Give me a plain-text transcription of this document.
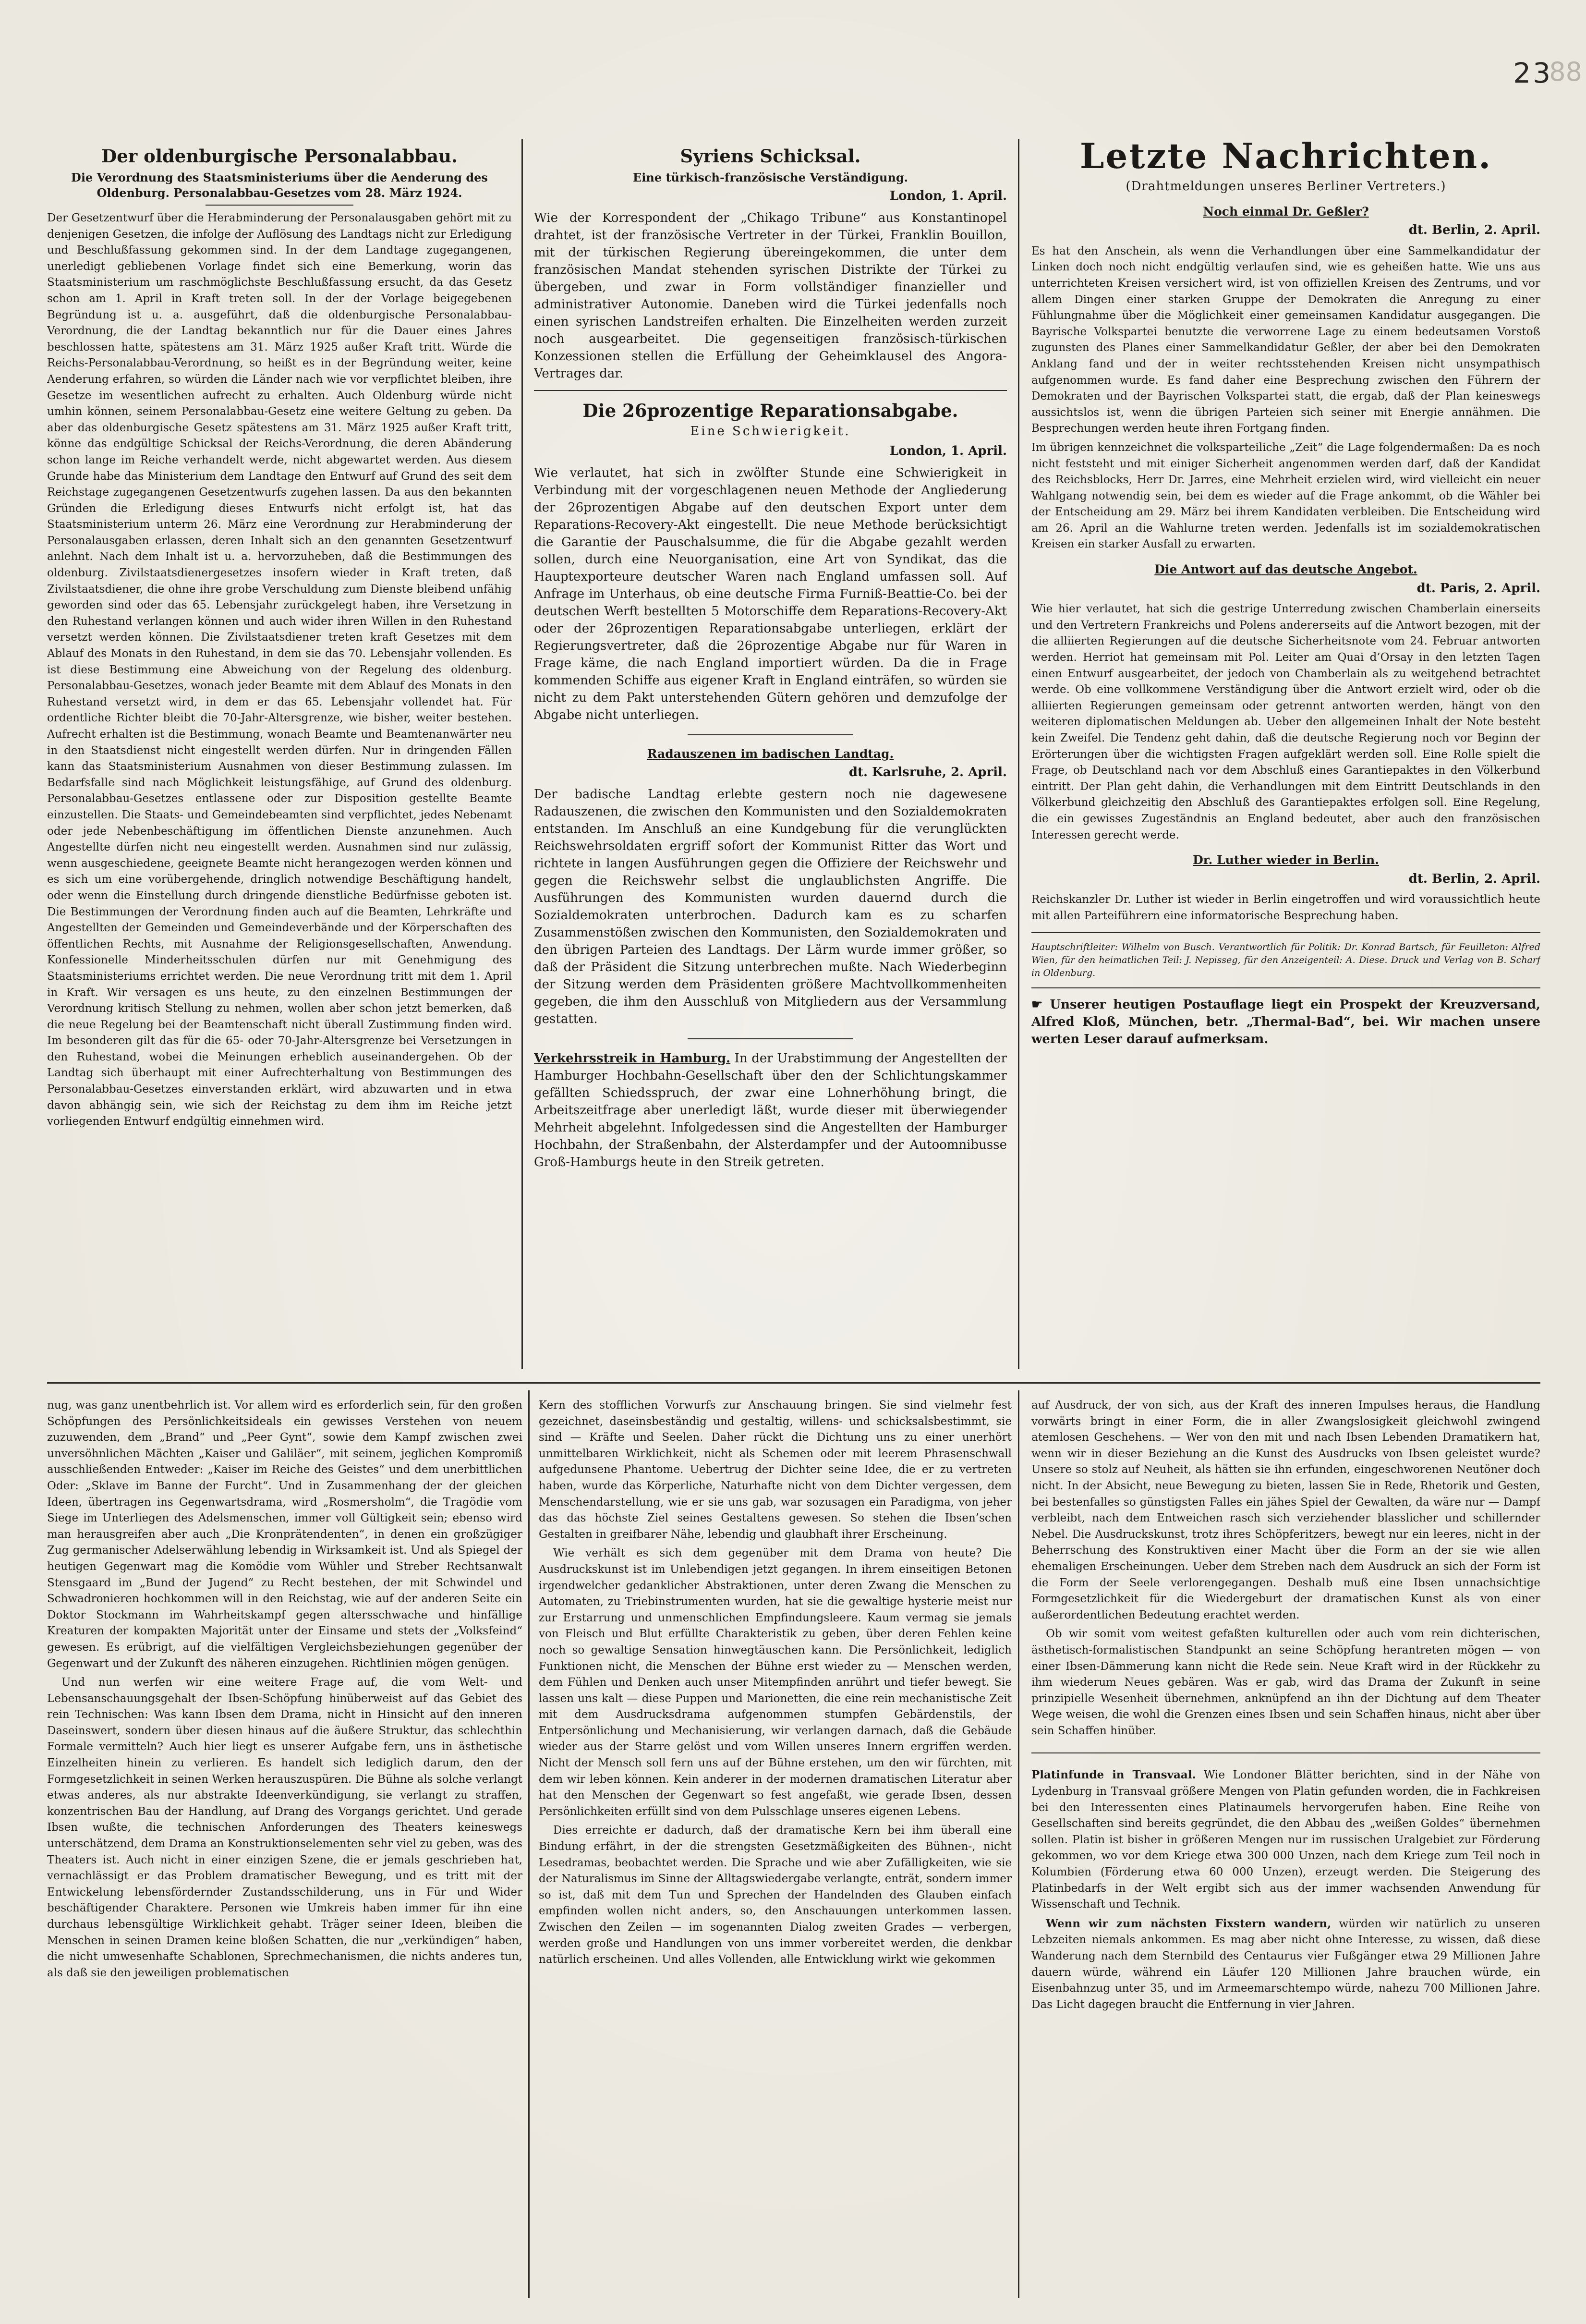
23
88
Der oldenburgische Personalabbau.
Die Verordnung des Staatsministeriums über die Aenderung des Oldenburg. Personalabbau-Gesetzes vom 28. März 1924.

Der Gesetzentwurf über die Herabminderung der Personalausgaben gehört mit zu denjenigen Gesetzen, die infolge der Auflösung des Landtags nicht zur Erledigung und Beschlußfassung gekommen sind. In der dem Landtage zugegangenen, unerledigt gebliebenen Vorlage findet sich eine Bemerkung, worin das Staatsministerium um raschmöglichste Beschlußfassung ersucht, da das Gesetz schon am 1. April in Kraft treten soll. In der der Vorlage beigegebenen Begründung ist u. a. ausgeführt, daß die oldenburgische Personalabbau-Verordnung, die der Landtag bekanntlich nur für die Dauer eines Jahres beschlossen hatte, spätestens am 31. März 1925 außer Kraft tritt. Würde die Reichs-Personalabbau-Verordnung, so heißt es in der Begründung weiter, keine Aenderung erfahren, so würden die Länder nach wie vor verpflichtet bleiben, ihre Gesetze im wesentlichen aufrecht zu erhalten. Auch Oldenburg würde nicht umhin können, seinem Personalabbau-Gesetz eine weitere Geltung zu geben. Da aber das oldenburgische Gesetz spätestens am 31. März 1925 außer Kraft tritt, könne das endgültige Schicksal der Reichs-Verordnung, die deren Abänderung schon lange im Reiche verhandelt werde, nicht abgewartet werden. Aus diesem Grunde habe das Ministerium dem Landtage den Entwurf auf Grund des seit dem Reichstage zugegangenen Gesetzentwurfs zugehen lassen. Da aus den bekannten Gründen die Erledigung dieses Entwurfs nicht erfolgt ist, hat das Staatsministerium unterm 26. März eine Verordnung zur Herabminderung der Personalausgaben erlassen, deren Inhalt sich an den genannten Gesetzentwurf anlehnt. Nach dem Inhalt ist u. a. hervorzuheben, daß die Bestimmungen des oldenburg. Zivilstaatsdienergesetzes insofern wieder in Kraft treten, daß Zivilstaatsdiener, die ohne ihre grobe Verschuldung zum Dienste bleibend unfähig geworden sind oder das 65. Lebensjahr zurückgelegt haben, ihre Versetzung in den Ruhestand verlangen können und auch wider ihren Willen in den Ruhestand versetzt werden können. Die Zivilstaatsdiener treten kraft Gesetzes mit dem Ablauf des Monats in den Ruhestand, in dem sie das 70. Lebensjahr vollenden. Es ist diese Bestimmung eine Abweichung von der Regelung des oldenburg. Personalabbau-Gesetzes, wonach jeder Beamte mit dem Ablauf des Monats in den Ruhestand versetzt wird, in dem er das 65. Lebensjahr vollendet hat. Für ordentliche Richter bleibt die 70-Jahr-Altersgrenze, wie bisher, weiter bestehen. Aufrecht erhalten ist die Bestimmung, wonach Beamte und Beamtenanwärter neu in den Staatsdienst nicht eingestellt werden dürfen. Nur in dringenden Fällen kann das Staatsministerium Ausnahmen von dieser Bestimmung zulassen. Im Bedarfsfalle sind nach Möglichkeit leistungsfähige, auf Grund des oldenburg. Personalabbau-Gesetzes entlassene oder zur Disposition gestellte Beamte einzustellen. Die Staats- und Gemeindebeamten sind verpflichtet, jedes Nebenamt oder jede Nebenbeschäftigung im öffentlichen Dienste anzunehmen. Auch Angestellte dürfen nicht neu eingestellt werden. Ausnahmen sind nur zulässig, wenn ausgeschiedene, geeignete Beamte nicht herangezogen werden können und es sich um eine vorübergehende, dringlich notwendige Beschäftigung handelt, oder wenn die Einstellung durch dringende dienstliche Bedürfnisse geboten ist. Die Bestimmungen der Verordnung finden auch auf die Beamten, Lehrkräfte und Angestellten der Gemeinden und Gemeindeverbände und der Körperschaften des öffentlichen Rechts, mit Ausnahme der Religionsgesellschaften, Anwendung. Konfessionelle Minderheitsschulen dürfen nur mit Genehmigung des Staatsministeriums errichtet werden. Die neue Verordnung tritt mit dem 1. April in Kraft. Wir versagen es uns heute, zu den einzelnen Bestimmungen der Verordnung kritisch Stellung zu nehmen, wollen aber schon jetzt bemerken, daß die neue Regelung bei der Beamtenschaft nicht überall Zustimmung finden wird. Im besonderen gilt das für die 65- oder 70-Jahr-Altersgrenze bei Versetzungen in den Ruhestand, wobei die Meinungen erheblich auseinandergehen. Ob der Landtag sich überhaupt mit einer Aufrechterhaltung von Bestimmungen des Personalabbau-Gesetzes einverstanden erklärt, wird abzuwarten und in etwa davon abhängig sein, wie sich der Reichstag zu dem ihm im Reiche jetzt vorliegenden Entwurf endgültig einnehmen wird.

Syriens Schicksal.
Eine türkisch-französische Verständigung.
London, 1. April.

Wie der Korrespondent der „Chikago Tribune“ aus Konstantinopel drahtet, ist der französische Vertreter in der Türkei, Franklin Bouillon, mit der türkischen Regierung übereingekommen, die unter dem französischen Mandat stehenden syrischen Distrikte der Türkei zu übergeben, und zwar in Form vollständiger finanzieller und administrativer Autonomie. Daneben wird die Türkei jedenfalls noch einen syrischen Landstreifen erhalten. Die Einzelheiten werden zurzeit noch ausgearbeitet. Die gegenseitigen französisch-türkischen Konzessionen stellen die Erfüllung der Geheimklausel des Angora-Vertrages dar.

Die 26prozentige Reparationsabgabe.
Eine Schwierigkeit.
London, 1. April.

Wie verlautet, hat sich in zwölfter Stunde eine Schwierigkeit in Verbindung mit der vorgeschlagenen neuen Methode der Angliederung der 26prozentigen Abgabe auf den deutschen Export unter dem Reparations-Recovery-Akt eingestellt. Die neue Methode berücksichtigt die Garantie der Pauschalsumme, die für die Abgabe gezahlt werden sollen, durch eine Neuorganisation, eine Art von Syndikat, das die Hauptexporteure deutscher Waren nach England umfassen soll. Auf Anfrage im Unterhaus, ob eine deutsche Firma Furniß-Beattie-Co. bei der deutschen Werft bestellten 5 Motorschiffe dem Reparations-Recovery-Akt oder der 26prozentigen Reparationsabgabe unterliegen, erklärt der Regierungsvertreter, daß die 26prozentige Abgabe nur für Waren in Frage käme, die nach England importiert würden. Da die in Frage kommenden Schiffe aus eigener Kraft in England einträfen, so würden sie nicht zu dem Pakt unterstehenden Gütern gehören und demzufolge der Abgabe nicht unterliegen.

Radauszenen im badischen Landtag.
dt. Karlsruhe, 2. April.

Der badische Landtag erlebte gestern noch nie dagewesene Radauszenen, die zwischen den Kommunisten und den Sozialdemokraten entstanden. Im Anschluß an eine Kundgebung für die verunglückten Reichswehrsoldaten ergriff sofort der Kommunist Ritter das Wort und richtete in langen Ausführungen gegen die Offiziere der Reichswehr und gegen die Reichswehr selbst die unglaublichsten Angriffe. Die Ausführungen des Kommunisten wurden dauernd durch die Sozialdemokraten unterbrochen. Dadurch kam es zu scharfen Zusammenstößen zwischen den Kommunisten, den Sozialdemokraten und den übrigen Parteien des Landtags. Der Lärm wurde immer größer, so daß der Präsident die Sitzung unterbrechen mußte. Nach Wiederbeginn der Sitzung werden dem Präsidenten größere Machtvollkommenheiten gegeben, die ihm den Ausschluß von Mitgliedern aus der Versammlung gestatten.

Verkehrsstreik in Hamburg. In der Urabstimmung der Angestellten der Hamburger Hochbahn-Gesellschaft über den der Schlichtungskammer gefällten Schiedsspruch, der zwar eine Lohnerhöhung bringt, die Arbeitszeitfrage aber unerledigt läßt, wurde dieser mit überwiegender Mehrheit abgelehnt. Infolgedessen sind die Angestellten der Hamburger Hochbahn, der Straßenbahn, der Alsterdampfer und der Autoomnibusse Groß-Hamburgs heute in den Streik getreten.

Letzte Nachrichten.
(Drahtmeldungen unseres Berliner Vertreters.)
Noch einmal Dr. Geßler?
dt. Berlin, 2. April.

Es hat den Anschein, als wenn die Verhandlungen über eine Sammelkandidatur der Linken doch noch nicht endgültig verlaufen sind, wie es geheißen hatte. Wie uns aus unterrichteten Kreisen versichert wird, ist von offiziellen Kreisen des Zentrums, und vor allem Dingen einer starken Gruppe der Demokraten die Anregung zu einer Fühlungnahme über die Möglichkeit einer gemeinsamen Kandidatur ausgegangen. Die Bayrische Volkspartei benutzte die verworrene Lage zu einem bedeutsamen Vorstoß zugunsten des Planes einer Sammelkandidatur Geßler, der aber bei den Demokraten Anklang fand und der in weiter rechtsstehenden Kreisen nicht unsympathisch aufgenommen wurde. Es fand daher eine Besprechung zwischen den Führern der Demokraten und der Bayrischen Volkspartei statt, die ergab, daß der Plan keineswegs aussichtslos ist, wenn die übrigen Parteien sich seiner mit Energie annähmen. Die Besprechungen werden heute ihren Fortgang finden.

Im übrigen kennzeichnet die volksparteiliche „Zeit“ die Lage folgendermaßen: Da es noch nicht feststeht und mit einiger Sicherheit angenommen werden darf, daß der Kandidat des Reichsblocks, Herr Dr. Jarres, eine Mehrheit erzielen wird, wird vielleicht ein neuer Wahlgang notwendig sein, bei dem es wieder auf die Frage ankommt, ob die Wähler bei der Entscheidung am 29. März bei ihrem Kandidaten verbleiben. Die Entscheidung wird am 26. April an die Wahlurne treten werden. Jedenfalls ist im sozialdemokratischen Kreisen ein starker Ausfall zu erwarten.

Die Antwort auf das deutsche Angebot.
dt. Paris, 2. April.

Wie hier verlautet, hat sich die gestrige Unterredung zwischen Chamberlain einerseits und den Vertretern Frankreichs und Polens andererseits auf die Antwort bezogen, mit der die alliierten Regierungen auf die deutsche Sicherheitsnote vom 24. Februar antworten werden. Herriot hat gemeinsam mit Pol. Leiter am Quai d’Orsay in den letzten Tagen einen Entwurf ausgearbeitet, der jedoch von Chamberlain als zu weitgehend betrachtet werde. Ob eine vollkommene Verständigung über die Antwort erzielt wird, oder ob die alliierten Regierungen gemeinsam oder getrennt antworten werden, hängt von den weiteren diplomatischen Meldungen ab. Ueber den allgemeinen Inhalt der Note besteht kein Zweifel. Die Tendenz geht dahin, daß die deutsche Regierung noch vor Beginn der Erörterungen über die wichtigsten Fragen aufgeklärt werden soll. Eine Rolle spielt die Frage, ob Deutschland nach vor dem Abschluß eines Garantiepaktes in den Völkerbund eintritt. Der Plan geht dahin, die Verhandlungen mit dem Eintritt Deutschlands in den Völkerbund gleichzeitig den Abschluß des Garantiepaktes erfolgen soll. Eine Regelung, die ein gewisses Zugeständnis an England bedeutet, aber auch den französischen Interessen gerecht werde.

Dr. Luther wieder in Berlin.
dt. Berlin, 2. April.

Reichskanzler Dr. Luther ist wieder in Berlin eingetroffen und wird voraussichtlich heute mit allen Parteiführern eine informatorische Besprechung haben.

Hauptschriftleiter: Wilhelm von Busch. Verantwortlich für Politik: Dr. Konrad Bartsch, für Feuilleton: Alfred Wien, für den heimatlichen Teil: J. Nepisseg, für den Anzeigenteil: A. Diese. Druck und Verlag von B. Scharf in Oldenburg.

☛ Unserer heutigen Postauflage liegt ein Prospekt der Kreuzversand, Alfred Kloß, München, betr. „Thermal-Bad“, bei. Wir machen unsere werten Leser darauf aufmerksam.

nug, was ganz unentbehrlich ist. Vor allem wird es erforderlich sein, für den großen Schöpfungen des Persönlichkeitsideals ein gewisses Verstehen von neuem zuzuwenden, dem „Brand“ und „Peer Gynt“, sowie dem Kampf zwischen zwei unversöhnlichen Mächten „Kaiser und Galiläer“, mit seinem, jeglichen Kompromiß ausschließenden Entweder: „Kaiser im Reiche des Geistes“ und dem unerbittlichen Oder: „Sklave im Banne der Furcht“. Und in Zusammenhang der der gleichen Ideen, übertragen ins Gegenwartsdrama, wird „Rosmersholm“, die Tragödie vom Siege im Unterliegen des Adelsmenschen, immer voll Gültigkeit sein; ebenso wird man herausgreifen aber auch „Die Kronprätendenten“, in denen ein großzügiger Zug germanischer Adelserwählung lebendig in Wirksamkeit ist. Und als Spiegel der heutigen Gegenwart mag die Komödie vom Wühler und Streber Rechtsanwalt Stensgaard im „Bund der Jugend“ zu Recht bestehen, der mit Schwindel und Schwadronieren hochkommen will in den Reichstag, wie auf der anderen Seite ein Doktor Stockmann im Wahrheitskampf gegen altersschwache und hinfällige Kreaturen der kompakten Majorität unter der Einsame und stets der „Volksfeind“ gewesen. Es erübrigt, auf die vielfältigen Vergleichsbeziehungen gegenüber der Gegenwart und der Zukunft des näheren einzugehen. Richtlinien mögen genügen.

Und nun werfen wir eine weitere Frage auf, die vom Welt- und Lebensanschauungsgehalt der Ibsen-Schöpfung hinüberweist auf das Gebiet des rein Technischen: Was kann Ibsen dem Drama, nicht in Hinsicht auf den inneren Daseinswert, sondern über diesen hinaus auf die äußere Struktur, das schlechthin Formale vermitteln? Auch hier liegt es unserer Aufgabe fern, uns in ästhetische Einzelheiten hinein zu verlieren. Es handelt sich lediglich darum, den der Formgesetzlichkeit in seinen Werken herauszuspüren. Die Bühne als solche verlangt etwas anderes, als nur abstrakte Ideenverkündigung, sie verlangt zu straffen, konzentrischen Bau der Handlung, auf Drang des Vorgangs gerichtet. Und gerade Ibsen wußte, die technischen Anforderungen des Theaters keineswegs unterschätzend, dem Drama an Konstruktionselementen sehr viel zu geben, was des Theaters ist. Auch nicht in einer einzigen Szene, die er jemals geschrieben hat, vernachlässigt er das Problem dramatischer Bewegung, und es tritt mit der Entwickelung lebensfördernder Zustandsschilderung, uns in Für und Wider beschäftigender Charaktere. Personen wie Umkreis haben immer für ihn eine durchaus lebensgültige Wirklichkeit gehabt. Träger seiner Ideen, bleiben die Menschen in seinen Dramen keine bloßen Schatten, die nur „verkündigen“ haben, die nicht umwesenhafte Schablonen, Sprechmechanismen, die nichts anderes tun, als daß sie den jeweiligen problematischen

Kern des stofflichen Vorwurfs zur Anschauung bringen. Sie sind vielmehr fest gezeichnet, daseinsbeständig und gestaltig, willens- und schicksalsbestimmt, sie sind — Kräfte und Seelen. Daher rückt die Dichtung uns zu einer unerhört unmittelbaren Wirklichkeit, nicht als Schemen oder mit leerem Phrasenschwall aufgedunsene Phantome. Uebertrug der Dichter seine Idee, die er zu vertreten haben, wurde das Körperliche, Naturhafte nicht von dem Dichter vergessen, dem Menschendarstellung, wie er sie uns gab, war sozusagen ein Paradigma, von jeher das das höchste Ziel seines Gestaltens gewesen. So stehen die Ibsen’schen Gestalten in greifbarer Nähe, lebendig und glaubhaft ihrer Erscheinung.

Wie verhält es sich dem gegenüber mit dem Drama von heute? Die Ausdruckskunst ist im Unlebendigen jetzt gegangen. In ihrem einseitigen Betonen irgendwelcher gedanklicher Abstraktionen, unter deren Zwang die Menschen zu Automaten, zu Triebinstrumenten wurden, hat sie die gewaltige hysterie meist nur zur Erstarrung und unmenschlichen Empfindungsleere. Kaum vermag sie jemals von Fleisch und Blut erfüllte Charakteristik zu geben, über deren Fehlen keine noch so gewaltige Sensation hinwegtäuschen kann. Die Persönlichkeit, lediglich Funktionen nicht, die Menschen der Bühne erst wieder zu — Menschen werden, dem Fühlen und Denken auch unser Mitempfinden anrührt und tiefer bewegt. Sie lassen uns kalt — diese Puppen und Marionetten, die eine rein mechanistische Zeit mit dem Ausdrucksdrama aufgenommen stumpfen Gebärdenstils, der Entpersönlichung und Mechanisierung, wir verlangen darnach, daß die Gebäude wieder aus der Starre gelöst und vom Willen unseres Innern ergriffen werden. Nicht der Mensch soll fern uns auf der Bühne erstehen, um den wir fürchten, mit dem wir leben können. Kein anderer in der modernen dramatischen Literatur aber hat den Menschen der Gegenwart so fest angefaßt, wie gerade Ibsen, dessen Persönlichkeiten erfüllt sind von dem Pulsschlage unseres eigenen Lebens.

Dies erreichte er dadurch, daß der dramatische Kern bei ihm überall eine Bindung erfährt, in der die strengsten Gesetzmäßigkeiten des Bühnen-, nicht Lesedramas, beobachtet werden. Die Sprache und wie aber Zufälligkeiten, wie sie der Naturalismus im Sinne der Alltagswiedergabe verlangte, enträt, sondern immer so ist, daß mit dem Tun und Sprechen der Handelnden des Glauben einfach empfinden wollen nicht anders, so, den Anschauungen unterkommen lassen. Zwischen den Zeilen — im sogenannten Dialog zweiten Grades — verbergen, werden große und Handlungen von uns immer vorbereitet werden, die denkbar natürlich erscheinen. Und alles Vollenden, alle Entwicklung wirkt wie gekommen

auf Ausdruck, der von sich, aus der Kraft des inneren Impulses heraus, die Handlung vorwärts bringt in einer Form, die in aller Zwangslosigkeit gleichwohl zwingend atemlosen Geschehens. — Wer von den mit und nach Ibsen Lebenden Dramatikern hat, wenn wir in dieser Beziehung an die Kunst des Ausdrucks von Ibsen geleistet wurde? Unsere so stolz auf Neuheit, als hätten sie ihn erfunden, eingeschworenen Neutöner doch nicht. In der Absicht, neue Bewegung zu bieten, lassen Sie in Rede, Rhetorik und Gesten, bei bestenfalles so günstigsten Falles ein jähes Spiel der Gewalten, da wäre nur — Dampf verbleibt, nach dem Entweichen rasch sich verziehender blasslicher und schillernder Nebel. Die Ausdruckskunst, trotz ihres Schöpferitzers, bewegt nur ein leeres, nicht in der Beherrschung des Konstruktiven einer Macht über die Form an der sie wie allen ehemaligen Erscheinungen. Ueber dem Streben nach dem Ausdruck an sich der Form ist die Form der Seele verlorengegangen. Deshalb muß eine Ibsen unnachsichtige Formgesetzlichkeit für die Wiedergeburt der dramatischen Kunst als von einer außerordentlichen Bedeutung erachtet werden.

Ob wir somit vom weitest gefaßten kulturellen oder auch vom rein dichterischen, ästhetisch-formalistischen Standpunkt an seine Schöpfung herantreten mögen — von einer Ibsen-Dämmerung kann nicht die Rede sein. Neue Kraft wird in der Rückkehr zu ihm wiederum Neues gebären. Was er gab, wird das Drama der Zukunft in seine prinzipielle Wesenheit übernehmen, anknüpfend an ihn der Dichtung auf dem Theater Wege weisen, die wohl die Grenzen eines Ibsen und sein Schaffen hinaus, nicht aber über sein Schaffen hinüber.

Platinfunde in Transvaal. Wie Londoner Blätter berichten, sind in der Nähe von Lydenburg in Transvaal größere Mengen von Platin gefunden worden, die in Fachkreisen bei den Interessenten eines Platinaumels hervorgerufen haben. Eine Reihe von Gesellschaften sind bereits gegründet, die den Abbau des „weißen Goldes“ übernehmen sollen. Platin ist bisher in größeren Mengen nur im russischen Uralgebiet zur Förderung gekommen, wo vor dem Kriege etwa 300 000 Unzen, nach dem Kriege zum Teil noch in Kolumbien (Förderung etwa 60 000 Unzen), erzeugt werden. Die Steigerung des Platinbedarfs in der Welt ergibt sich aus der immer wachsenden Anwendung für Wissenschaft und Technik.

Wenn wir zum nächsten Fixstern wandern, würden wir natürlich zu unseren Lebzeiten niemals ankommen. Es mag aber nicht ohne Interesse, zu wissen, daß diese Wanderung nach dem Sternbild des Centaurus vier Fußgänger etwa 29 Millionen Jahre dauern würde, während ein Läufer 120 Millionen Jahre brauchen würde, ein Eisenbahnzug unter 35, und im Armeemarschtempo würde, nahezu 700 Millionen Jahre. Das Licht dagegen braucht die Entfernung in vier Jahren.
